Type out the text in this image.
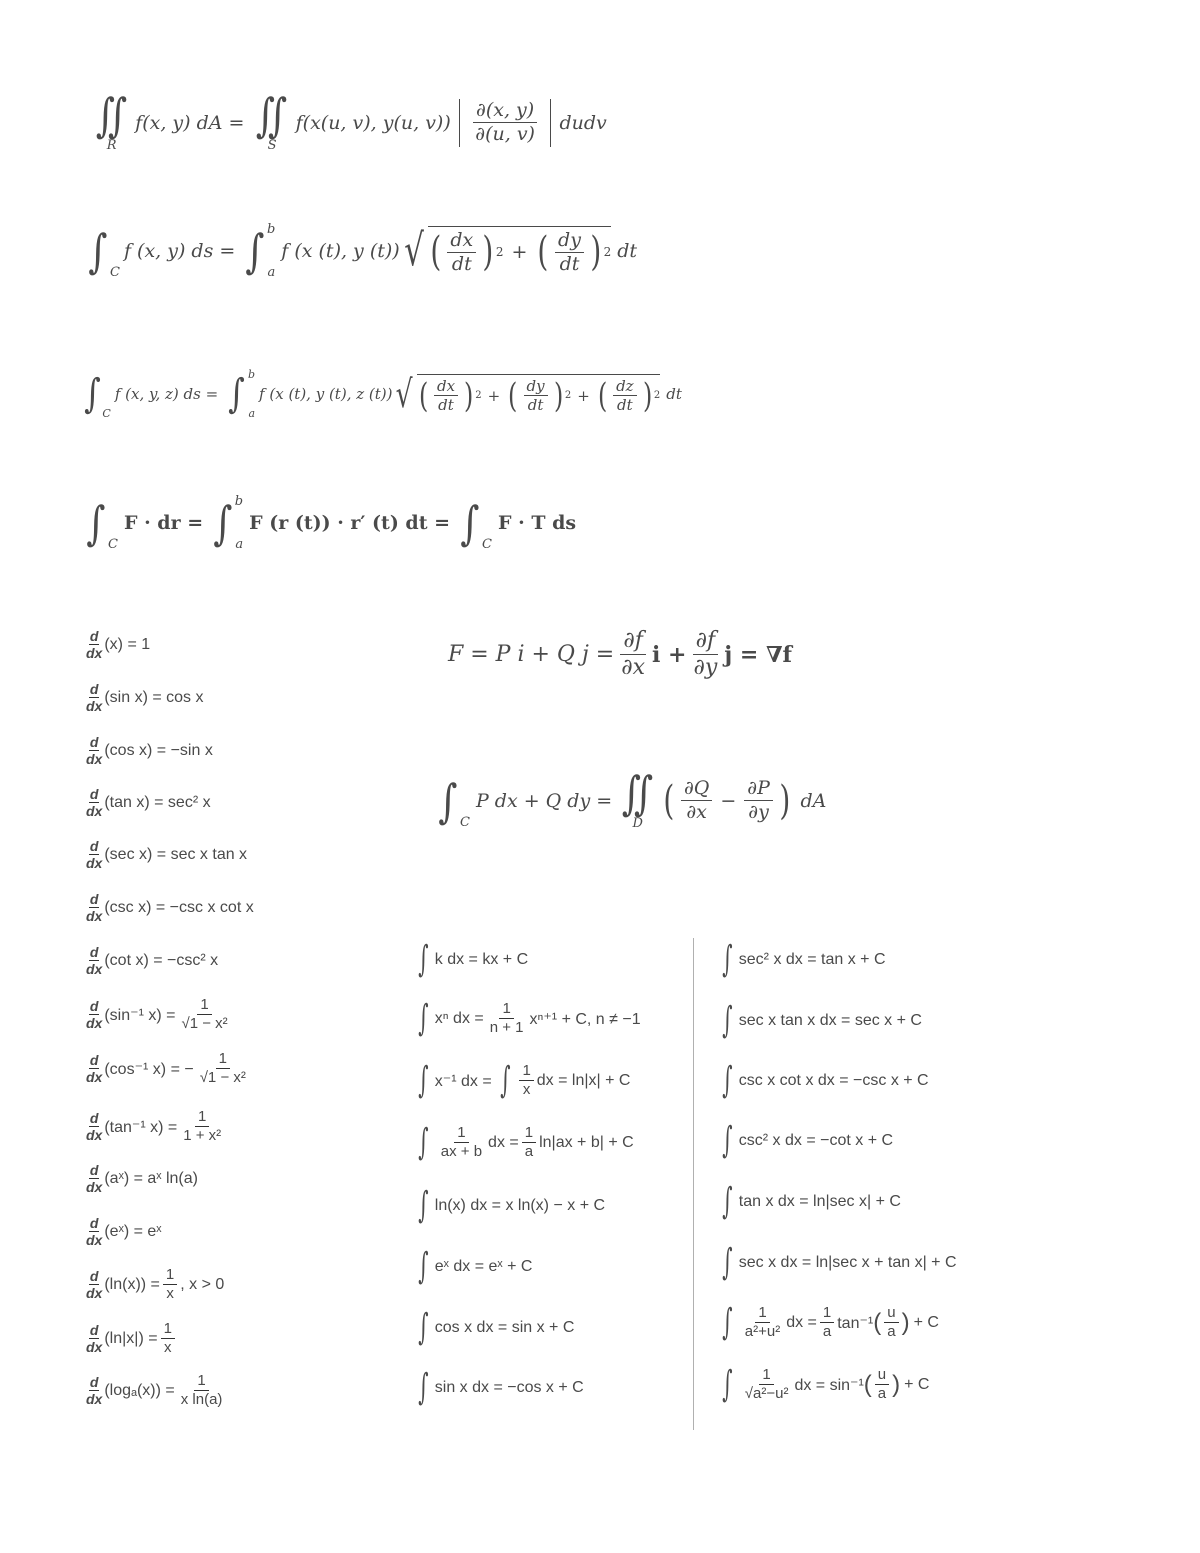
∬
R
f(x, y) dA = ∬
S
f(x(u, v), y(u, $v)) \frac{\partial(x, y)}{\partial(u, v)}$ dudv
∫ C
f (x, y) ds = ∫ b
a
f (x (t), y (t)) √ ( $\frac{dx}{dt}$ ) 2 + ( $\frac{dy}{dt}$ ) 2 dt
∫ C
f (x, y, z) ds = ∫ b
a
f (x (t), y (t), z (t)) √ ( $\frac{dx}{dt}$ ) 2 + ( $\frac{dy}{dt}$ ) 2 + ( $\frac{dz}{dt}$ ) 2 dt
∫ C
F · dr = ∫ b
a
F (r (t)) · r′ (t) dt = ∫ C
F · T ds
F = P i + Q $j = \frac{\partial f}{\partial x}$ $i + \frac{\partial f}{\partial y}$ j = ∇f
∫ C
P dx + Q dy = ∬
D ( $\frac{\partial Q}{\partial x} - \frac{\partial P}{\partial y}$ ) dA
$\frac{d}{dx} (x) = 1$
$\frac{d}{dx} (\sin$ x) = cos x
$\frac{d}{dx} (\cos$ x) = −sin x
$\frac{d}{dx} (\tan$ x) = sec² x
$\frac{d}{dx} (\sec$ x) = sec x tan x
$\frac{d}{dx} (\csc$ x) = −csc x cot x
$\frac{d}{dx} (\cot$ x) = −csc² x
$\frac{d}{dx} (\sin^{-1}$ $x) = \frac{1}{\text{√1 − x²}}$
$\frac{d}{dx} (\cos^{-1}$ x) = − $\frac{1}{\text{√1 − x²}}$
$\frac{d}{dx} (\tan^{-1}$ $x) = \frac{1}{\text{1 + x²}}$
$\frac{d}{dx}$ (aˣ) = aˣ ln(a)
$\frac{d}{dx}$ (eˣ) = eˣ
$\frac{d}{dx} (\ln(x)) = \frac{1}{x}$ , x > 0
$\frac{d}{dx} (\ln|x|) = \frac{1}{x}$
$\frac{d}{dx} (\log_a(x)) = \frac{1}{\text{x ln(a)}}$
∫ k dx = kx + C
∫ xⁿ dx = $\frac{1}{n + 1} x^{n+1} + C$, n ≠ −1
∫ x⁻¹ dx = ∫ $\frac{1}{x}$ dx = ln|x| + C
∫ $\frac{1}{ax + b}$ dx = $\frac{1}{a} \ln|ax + b| + C$
∫ ln(x) dx = x ln(x) − x + C
∫ eˣ dx = eˣ + C
∫ cos x dx = sin x + C
∫ sin x dx = −cos x + C
∫ sec² x dx = tan x + C
∫ sec x tan x dx = sec x + C
∫ csc x cot x dx = −csc x + C
∫ csc² x dx = −cot x + C
∫ tan x dx = ln|sec x| + C
∫ sec x dx = ln|sec x + tan x| + C
∫ $\frac{1}{\text{a²+u²}}$ dx = $\frac{1}{a} \tan^{-1}$ ( $\frac{u}{a}$ ) + C
∫ $\frac{1}{\text{√a²−u²}}$ dx = sin⁻¹ ( $\frac{u}{a}$ ) + C
